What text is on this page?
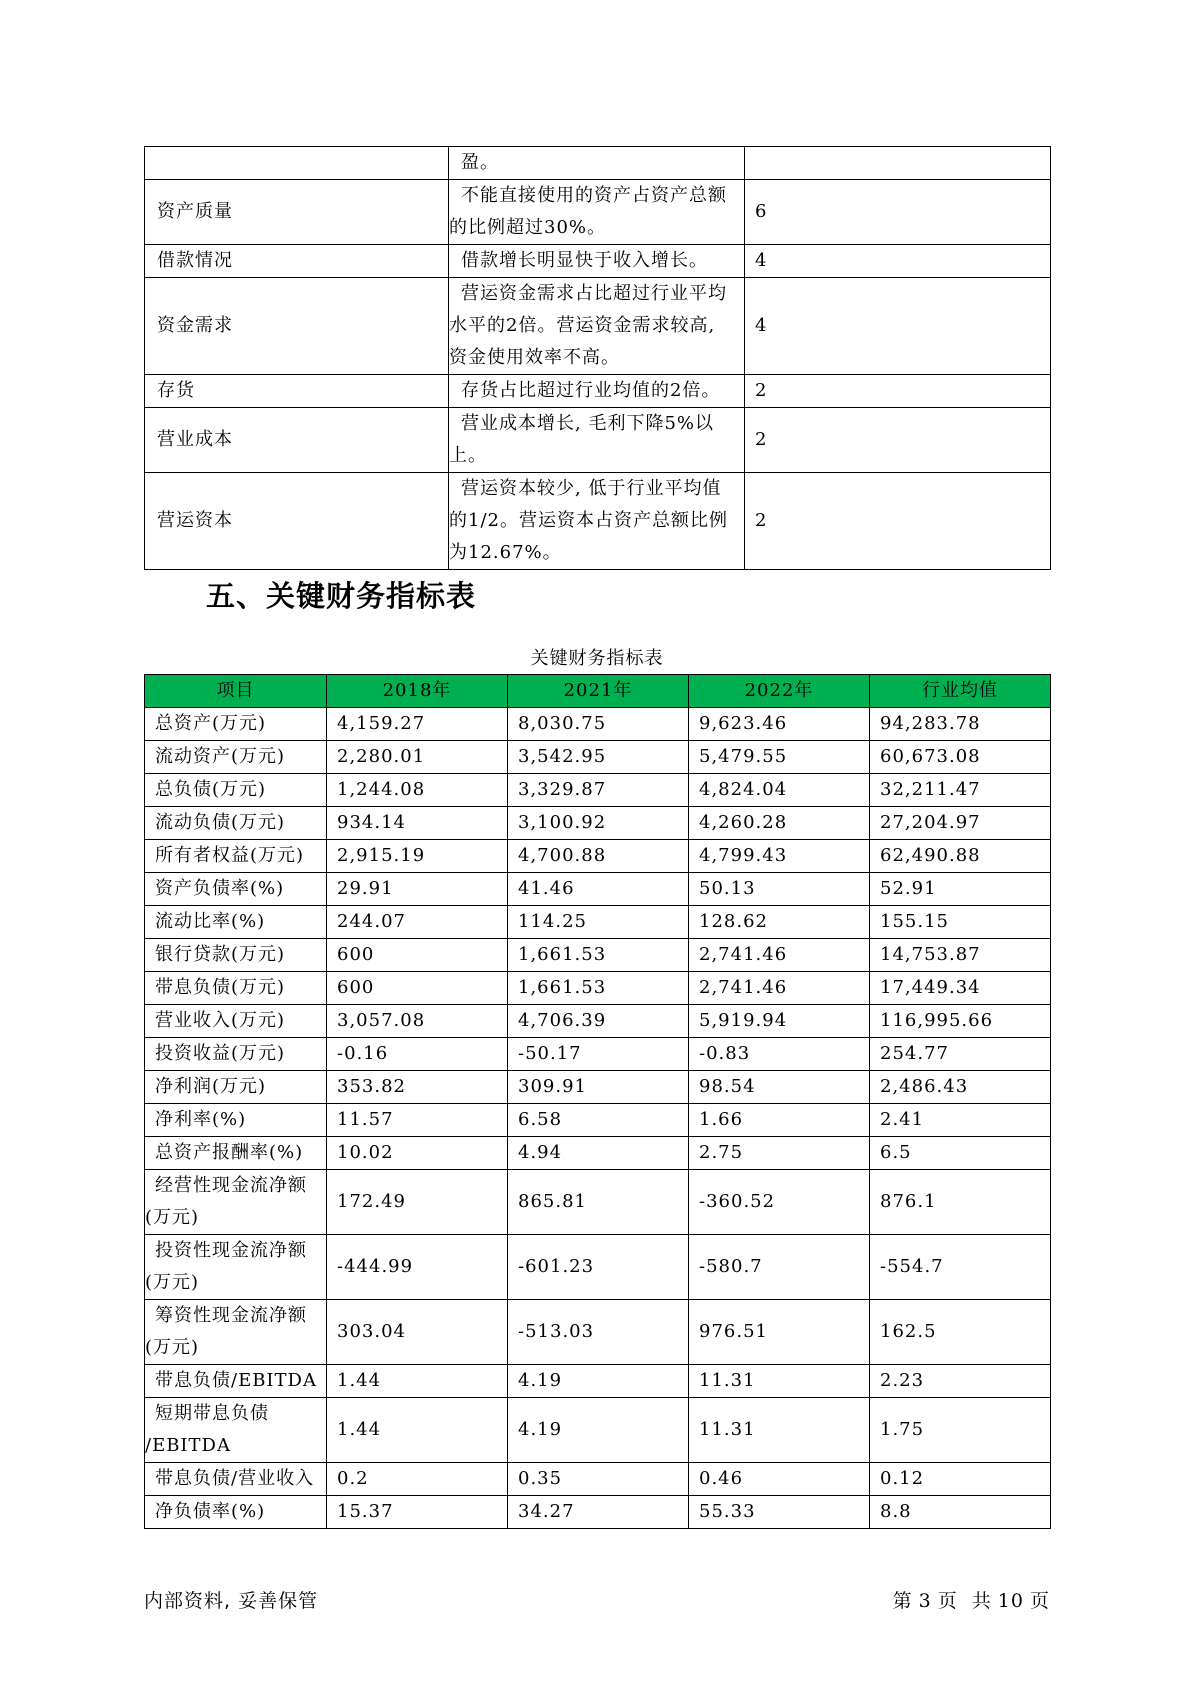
	盈。	

资产质量	不能直接使用的资产占资产总额
的比例超过30%。	6
借款情况	借款增长明显快于收入增长。	4
资金需求	营运资金需求占比超过行业平均
水平的2倍。营运资金需求较高,
资金使用效率不高。	4
存货	存货占比超过行业均值的2倍。	2
营业成本	营业成本增长, 毛利下降5%以上。	2
营运资本	营运资本较少, 低于行业平均值
的1/2。营运资本占资产总额比例
为12.67%。	2
五、关键财务指标表
关键财务指标表
项目	2018年	2021年	2022年	行业均值

总资产(万元)	4,159.27	8,030.75	9,623.46	94,283.78

流动资产(万元)	2,280.01	3,542.95	5,479.55	60,673.08

总负债(万元)	1,244.08	3,329.87	4,824.04	32,211.47

流动负债(万元)	934.14	3,100.92	4,260.28	27,204.97

所有者权益(万元)	2,915.19	4,700.88	4,799.43	62,490.88

资产负债率(%)	29.91	41.46	50.13	52.91

流动比率(%)	244.07	114.25	128.62	155.15

银行贷款(万元)	600	1,661.53	2,741.46	14,753.87

带息负债(万元)	600	1,661.53	2,741.46	17,449.34

营业收入(万元)	3,057.08	4,706.39	5,919.94	116,995.66

投资收益(万元)	-0.16	-50.17	-0.83	254.77

净利润(万元)	353.82	309.91	98.54	2,486.43

净利率(%)	11.57	6.58	1.66	2.41

总资产报酬率(%)	10.02	4.94	2.75	6.5

经营性现金流净额
(万元)	172.49	865.81	-360.52	876.1

投资性现金流净额
(万元)	-444.99	-601.23	-580.7	-554.7

筹资性现金流净额
(万元)	303.04	-513.03	976.51	162.5

带息负债/EBITDA	1.44	4.19	11.31	2.23

短期带息负债
/EBITDA	1.44	4.19	11.31	1.75

带息负债/营业收入	0.2	0.35	0.46	0.12

净负债率(%)	15.37	34.27	55.33	8.8
内部资料, 妥善保管	第 3 页 共 10 页
